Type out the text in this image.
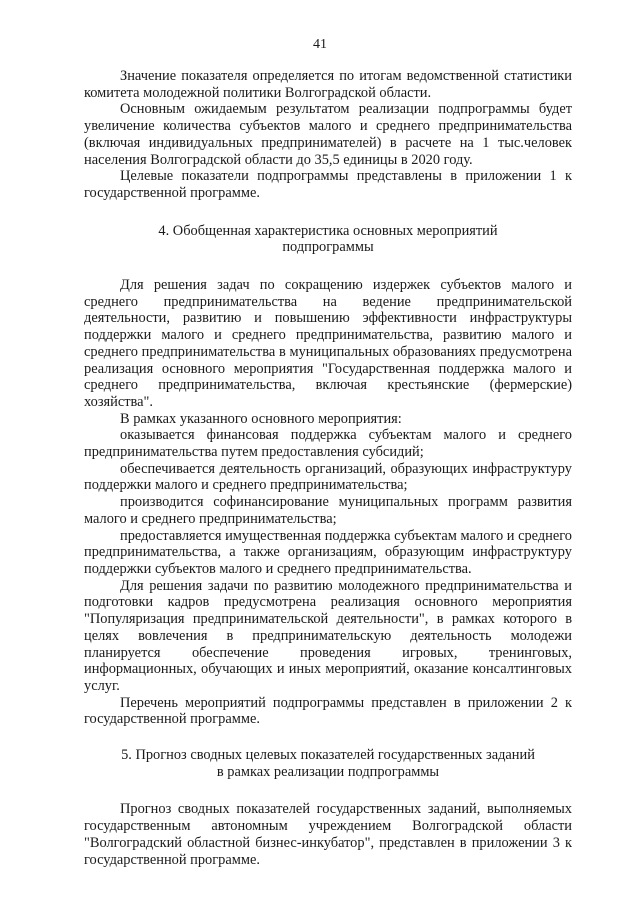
41

Значение показателя определяется по итогам ведомственной статистики комитета молодежной политики Волгоградской области.

Основным ожидаемым результатом реализации подпрограммы будет увеличение количества субъектов малого и среднего предпринимательства (включая индивидуальных предпринимателей) в расчете на 1 тыс.человек населения Волгоградской области до 35,5 единицы в 2020 году.

Целевые показатели подпрограммы представлены в приложении 1 к государственной программе.

4. Обобщенная характеристика основных мероприятий

подпрограммы

Для решения задач по сокращению издержек субъектов малого и среднего предпринимательства на ведение предпринимательской деятельности, развитию и повышению эффективности инфраструктуры поддержки малого и среднего предпринимательства, развитию малого и среднего предпринимательства в муниципальных образованиях предусмотрена реализация основного мероприятия "Государственная поддержка малого и среднего предпринимательства, включая крестьянские (фермерские) хозяйства".

В рамках указанного основного мероприятия:

оказывается финансовая поддержка субъектам малого и среднего предпринимательства путем предоставления субсидий;

обеспечивается деятельность организаций, образующих инфраструктуру поддержки малого и среднего предпринимательства;

производится софинансирование муниципальных программ развития малого и среднего предпринимательства;

предоставляется имущественная поддержка субъектам малого и среднего предпринимательства, а также организациям, образующим инфраструктуру поддержки субъектов малого и среднего предпринимательства.

Для решения задачи по развитию молодежного предпринимательства и подготовки кадров предусмотрена реализация основного мероприятия "Популяризация предпринимательской деятельности", в рамках которого в целях вовлечения в предпринимательскую деятельность молодежи планируется обеспечение проведения игровых, тренинговых, информационных, обучающих и иных мероприятий, оказание консалтинговых услуг.

Перечень мероприятий подпрограммы представлен в приложении 2 к государственной программе.

5. Прогноз сводных целевых показателей государственных заданий

в рамках реализации подпрограммы

Прогноз сводных показателей государственных заданий, выполняемых государственным автономным учреждением Волгоградской области "Волгоградский областной бизнес-инкубатор", представлен в приложении 3 к государственной программе.
